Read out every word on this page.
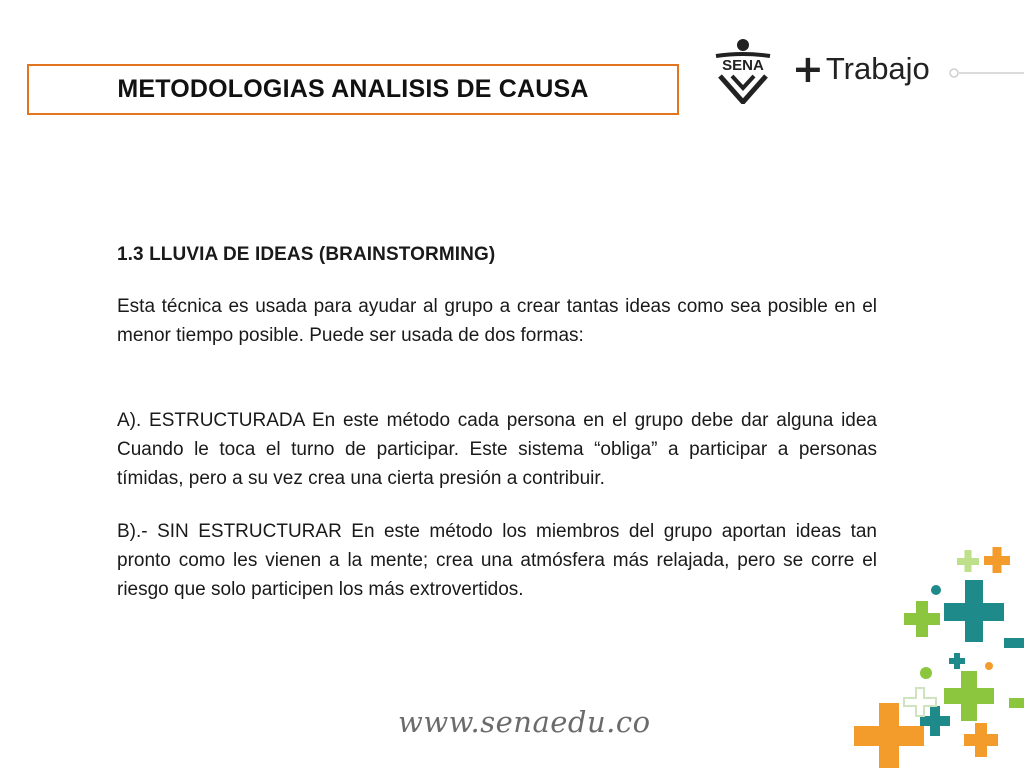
METODOLOGIAS ANALISIS DE CAUSA
SENA + Trabajo
1.3 LLUVIA DE IDEAS (BRAINSTORMING)

Esta técnica es usada para ayudar al grupo a crear tantas ideas como sea posible en el menor tiempo posible. Puede ser usada de dos formas:

A). ESTRUCTURADA En este método cada persona en el grupo debe dar alguna idea Cuando le toca el turno de participar. Este sistema “obliga” a participar a personas tímidas, pero a su vez crea una cierta presión a contribuir.

B).- SIN ESTRUCTURAR En este método los miembros del grupo aportan ideas tan pronto como les vienen a la mente; crea una atmósfera más relajada, pero se corre el riesgo que solo participen los más extrovertidos.

www.senaedu.co
